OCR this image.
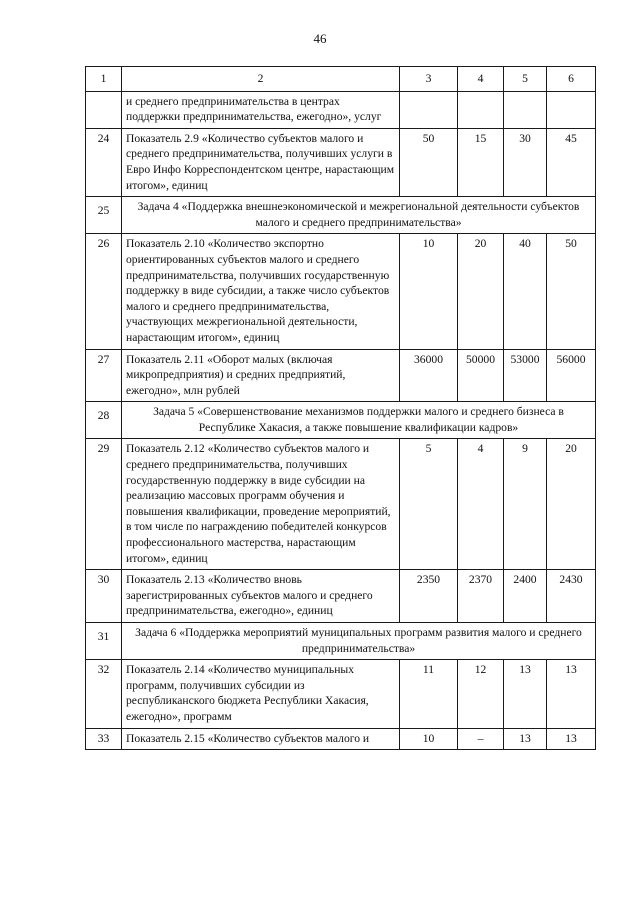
46
1	2	3	4	5	6
	и среднего предпринимательства в центрах поддержки предпринимательства, ежегодно», услуг				
24	Показатель 2.9 «Количество субъектов малого и среднего предпринимательства, получивших услуги в Евро Инфо Корреспондентском центре, нарастающим итогом», единиц	50	15	30	45
25	Задача 4 «Поддержка внешнеэкономической и межрегиональной деятельности субъектов малого и среднего предпринимательства»				
26	Показатель 2.10 «Количество экспортно ориентированных субъектов малого и среднего предпринимательства, получивших государственную поддержку в виде субсидии, а также число субъектов малого и среднего предпринимательства, участвующих межрегиональной деятельности, нарастающим итогом», единиц	10	20	40	50
27	Показатель 2.11 «Оборот малых (включая микропредприятия) и средних предприятий, ежегодно», млн рублей	36000	50000	53000	56000
28	Задача 5 «Совершенствование механизмов поддержки малого и среднего бизнеса в Республике Хакасия, а также повышение квалификации кадров»				
29	Показатель 2.12 «Количество субъектов малого и среднего предпринимательства, получивших государственную поддержку в виде субсидии на реализацию массовых программ обучения и повышения квалификации, проведение мероприятий, в том числе по награждению победителей конкурсов профессионального мастерства, нарастающим итогом», единиц	5	4	9	20
30	Показатель 2.13 «Количество вновь зарегистрированных субъектов малого и среднего предпринимательства, ежегодно», единиц	2350	2370	2400	2430
31	Задача 6 «Поддержка мероприятий муниципальных программ развития малого и среднего предпринимательства»				
32	Показатель 2.14 «Количество муниципальных программ, получивших субсидии из республиканского бюджета Республики Хакасия, ежегодно», программ	11	12	13	13
33	Показатель 2.15 «Количество субъектов малого и	10	–	13	13
